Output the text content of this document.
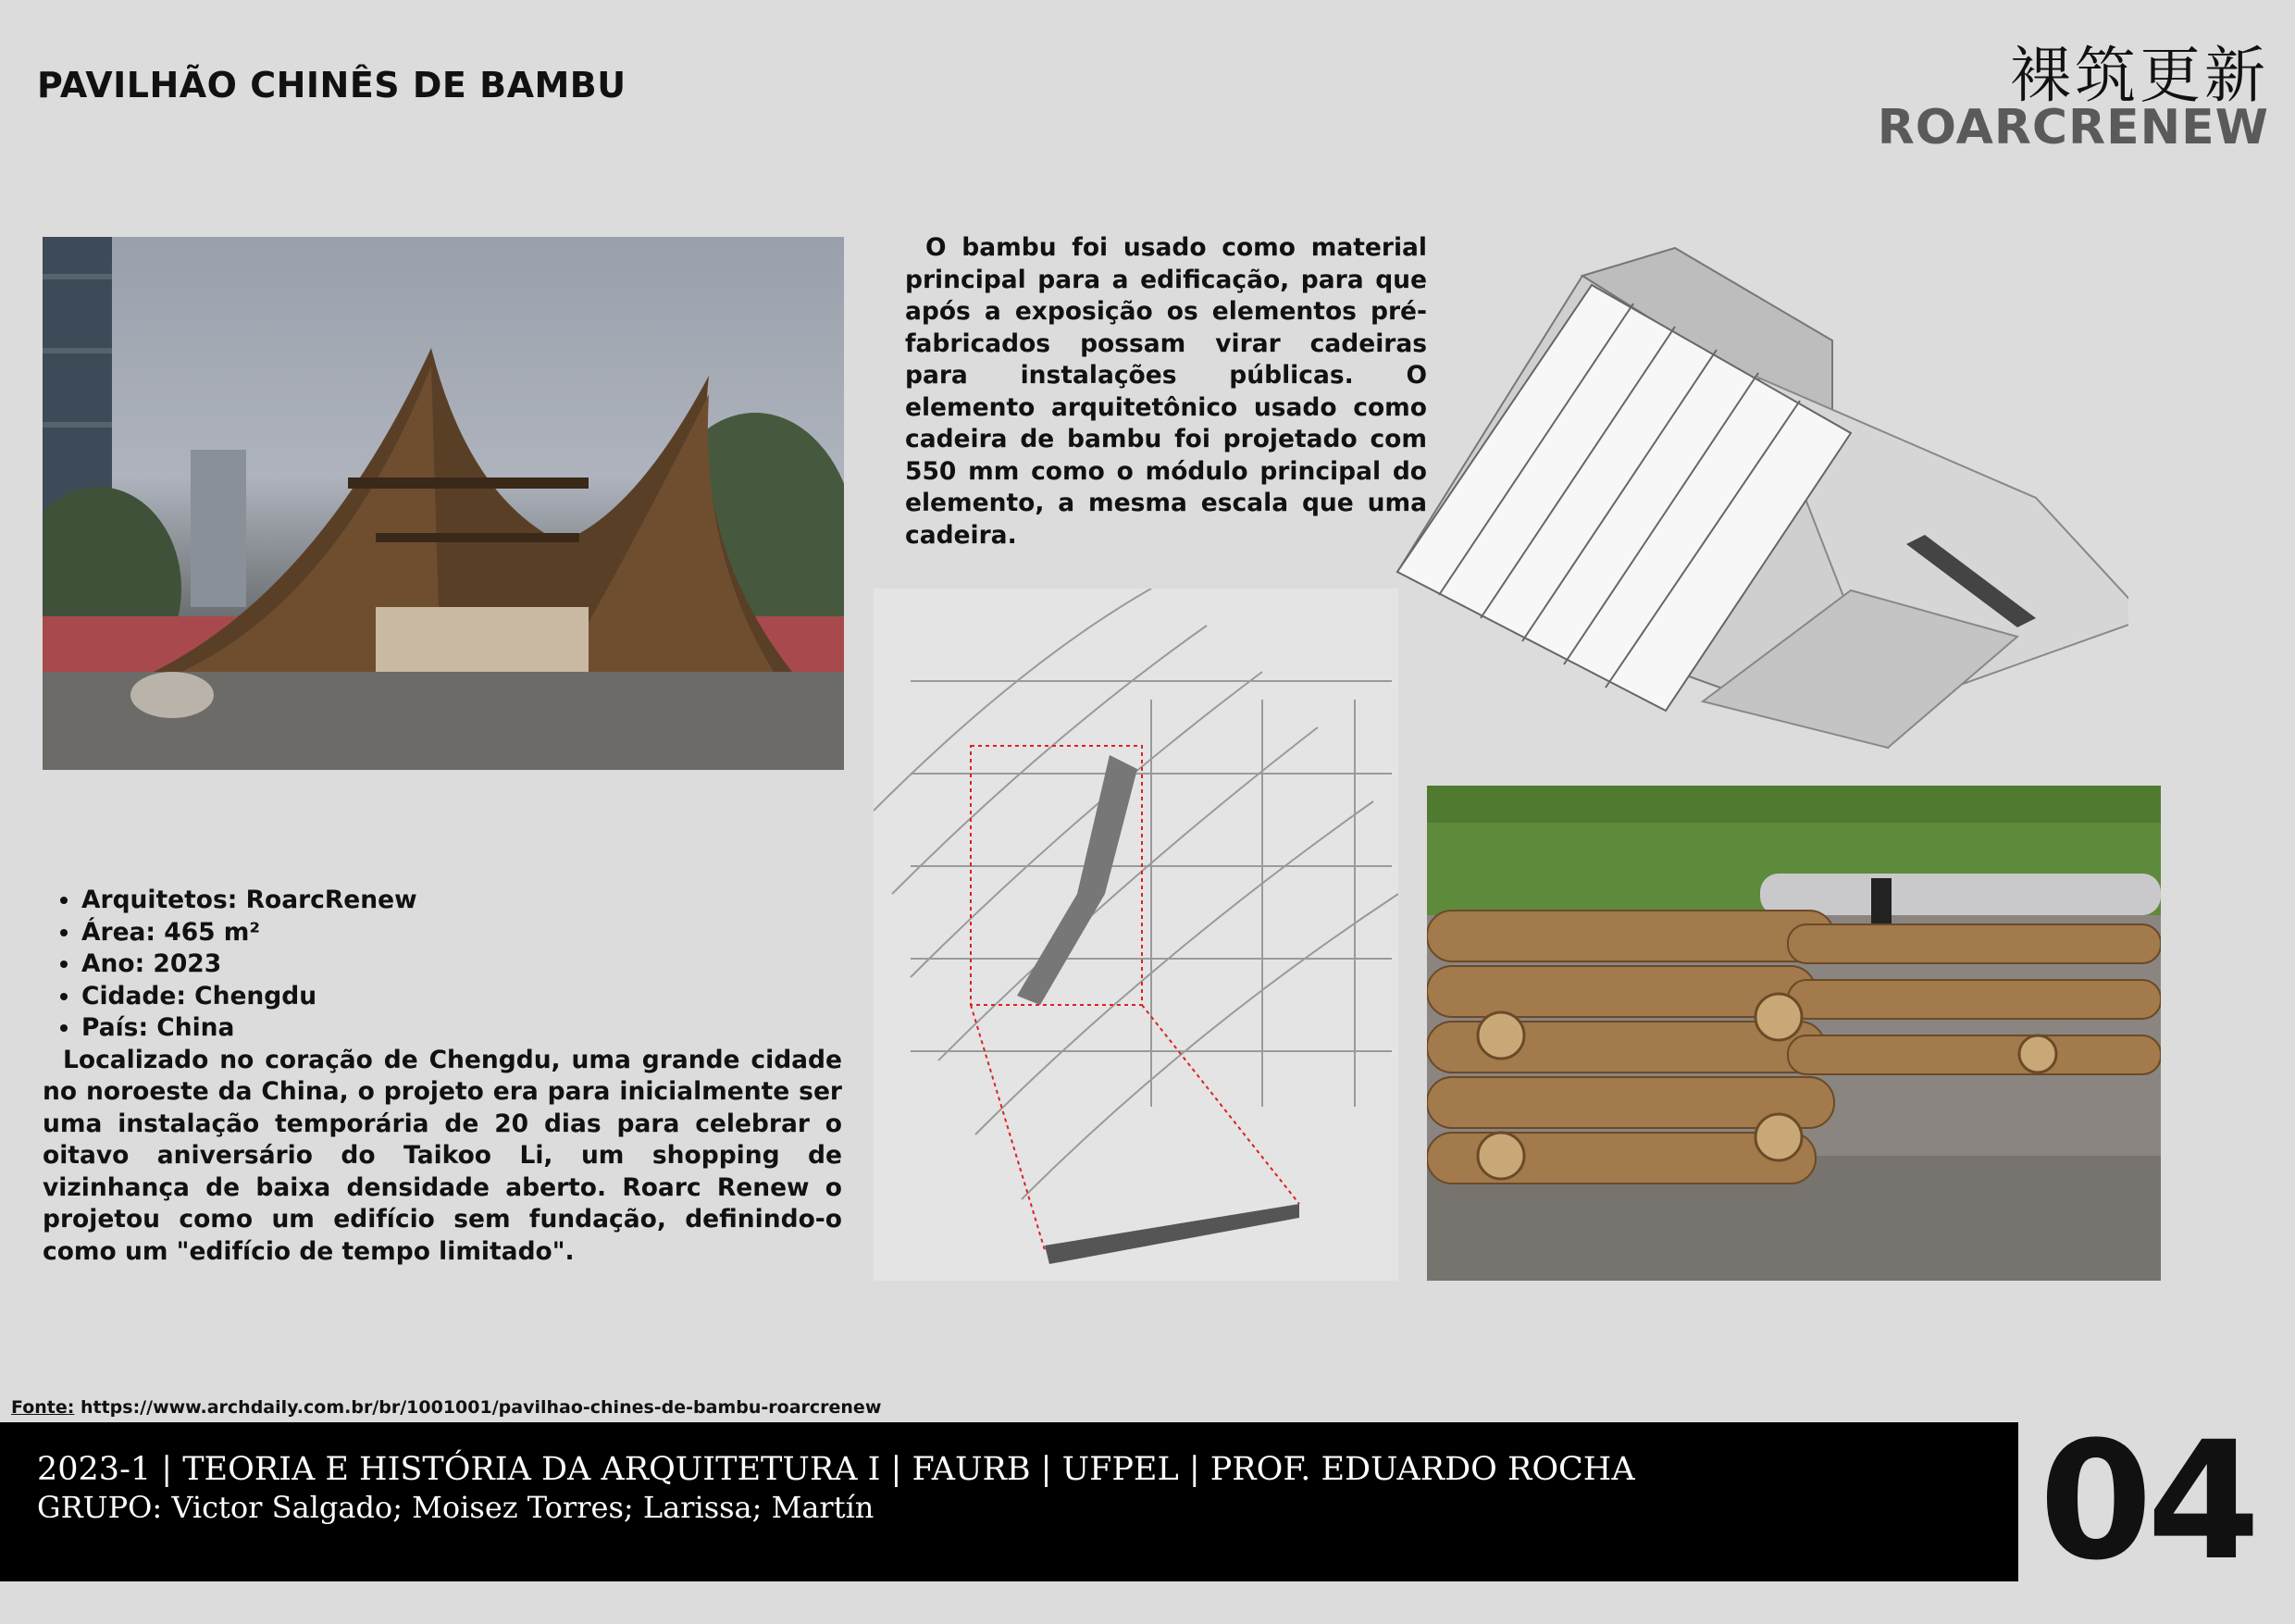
PAVILHÃO CHINÊS DE BAMBU	裸筑更新
ROARCRENEW

O bambu foi usado como material principal para a edificação, para que após a exposição os elementos pré-fabricados possam virar cadeiras para instalações públicas. O elemento arquitetônico usado como cadeira de bambu foi projetado com 550 mm como o módulo principal do elemento, a mesma escala que uma cadeira.

• Arquitetos: RoarcRenew
• Área: 465 m²
• Ano: 2023
• Cidade: Chengdu
• País: China

Localizado no coração de Chengdu, uma grande cidade no noroeste da China, o projeto era para inicialmente ser uma instalação temporária de 20 dias para celebrar o oitavo aniversário do Taikoo Li, um shopping de vizinhança de baixa densidade aberto. Roarc Renew o projetou como um edifício sem fundação, definindo-o como um "edifício de tempo limitado".

Fonte: https://www.archdaily.com.br/br/1001001/pavilhao-chines-de-bambu-roarcrenew
2023-1 | TEORIA E HISTÓRIA DA ARQUITETURA I | FAURB | UFPEL | PROF. EDUARDO ROCHA
GRUPO: Victor Salgado; Moisez Torres; Larissa; Martín	04
